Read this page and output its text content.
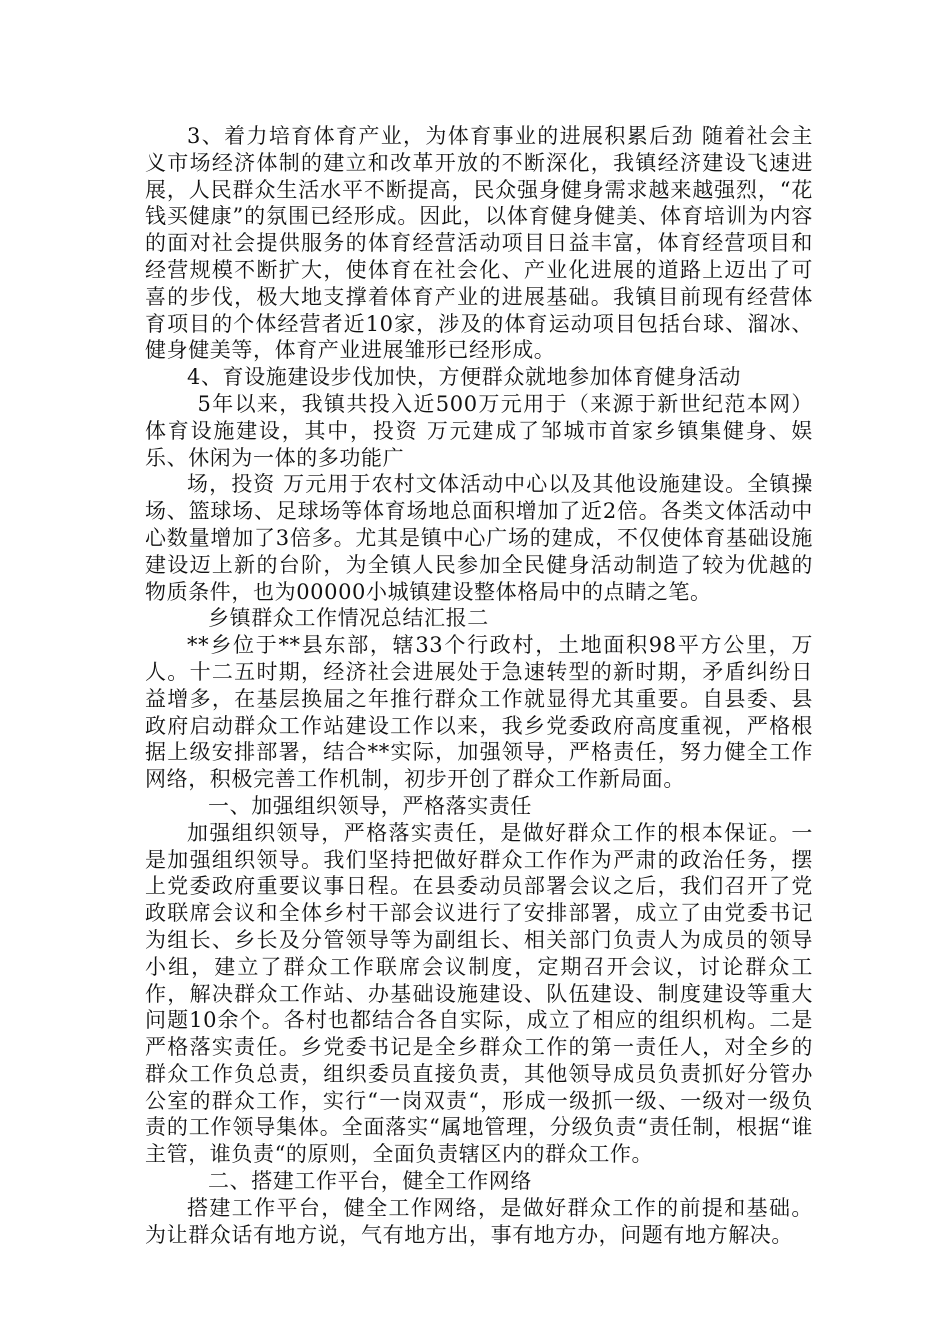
3、着力培育体育产业，为体育事业的进展积累后劲 随着社会主义市场经济体制的建立和改革开放的不断深化，我镇经济建设飞速进展，人民群众生活水平不断提高，民众强身健身需求越来越强烈，“花钱买健康”的氛围已经形成。因此，以体育健身健美、体育培训为内容的面对社会提供服务的体育经营活动项目日益丰富，体育经营项目和经营规模不断扩大，使体育在社会化、产业化进展的道路上迈出了可喜的步伐，极大地支撑着体育产业的进展基础。我镇目前现有经营体育项目的个体经营者近10家，涉及的体育运动项目包括台球、溜冰、健身健美等，体育产业进展雏形已经形成。

4、育设施建设步伐加快，方便群众就地参加体育健身活动

5年以来，我镇共投入近500万元用于（来源于新世纪范本网）体育设施建设，其中，投资 万元建成了邹城市首家乡镇集健身、娱乐、休闲为一体的多功能广

场，投资 万元用于农村文体活动中心以及其他设施建设。全镇操场、篮球场、足球场等体育场地总面积增加了近2倍。各类文体活动中心数量增加了3倍多。尤其是镇中心广场的建成，不仅使体育基础设施建设迈上新的台阶，为全镇人民参加全民健身活动制造了较为优越的物质条件，也为00000小城镇建设整体格局中的点睛之笔。

乡镇群众工作情况总结汇报二

**乡位于**县东部，辖33个行政村，土地面积98平方公里，万人。十二五时期，经济社会进展处于急速转型的新时期，矛盾纠纷日益增多，在基层换届之年推行群众工作就显得尤其重要。自县委、县政府启动群众工作站建设工作以来，我乡党委政府高度重视，严格根据上级安排部署，结合**实际，加强领导，严格责任，努力健全工作网络，积极完善工作机制，初步开创了群众工作新局面。

一、加强组织领导，严格落实责任

加强组织领导，严格落实责任，是做好群众工作的根本保证。一是加强组织领导。我们坚持把做好群众工作作为严肃的政治任务，摆上党委政府重要议事日程。在县委动员部署会议之后，我们召开了党政联席会议和全体乡村干部会议进行了安排部署，成立了由党委书记为组长、乡长及分管领导等为副组长、相关部门负责人为成员的领导小组，建立了群众工作联席会议制度，定期召开会议，讨论群众工作，解决群众工作站、办基础设施建设、队伍建设、制度建设等重大问题10余个。各村也都结合各自实际，成立了相应的组织机构。二是严格落实责任。乡党委书记是全乡群众工作的第一责任人，对全乡的群众工作负总责，组织委员直接负责，其他领导成员负责抓好分管办公室的群众工作，实行“一岗双责“，形成一级抓一级、一级对一级负责的工作领导集体。全面落实“属地管理，分级负责“责任制，根据“谁主管，谁负责“的原则，全面负责辖区内的群众工作。

二、搭建工作平台，健全工作网络

搭建工作平台，健全工作网络，是做好群众工作的前提和基础。为让群众话有地方说，气有地方出，事有地方办，问题有地方解决。
